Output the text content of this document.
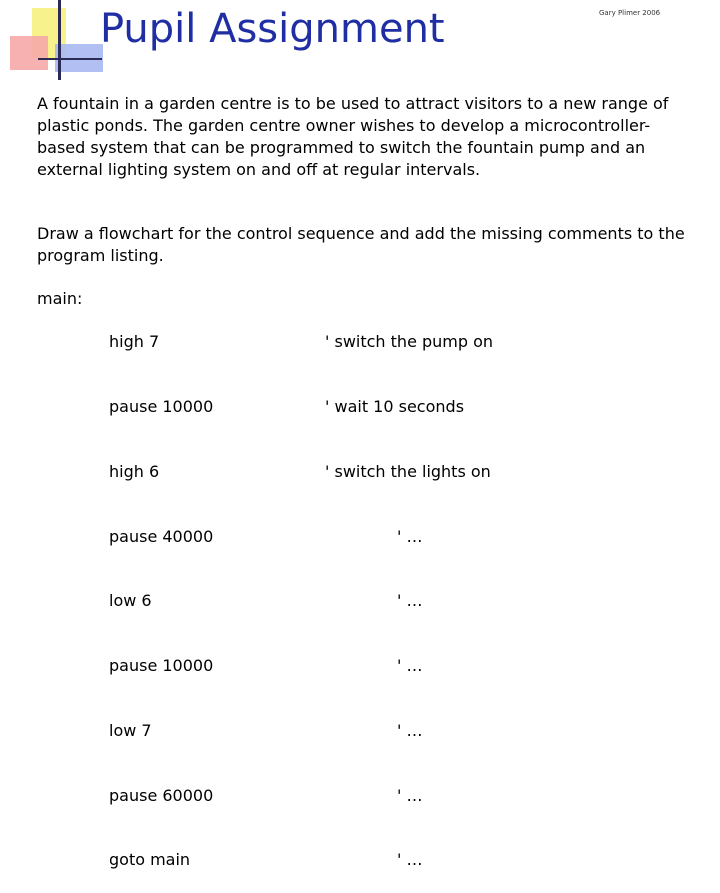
Pupil Assignment	Gary Plimer 2006

A fountain in a garden centre is to be used to attract visitors to a new range of plastic ponds. The garden centre owner wishes to develop a microcontroller-based system that can be programmed to switch the fountain pump and an external lighting system on and off at regular intervals.

Draw a flowchart for the control sequence and add the missing comments to the program listing.

main:

high 7

pause 10000

high 6

pause 40000

low 6

pause 10000

low 7

pause 60000

goto main

' switch the pump on

' wait 10 seconds

' switch the lights on

' …

' …

' …

' …

' …

' …
